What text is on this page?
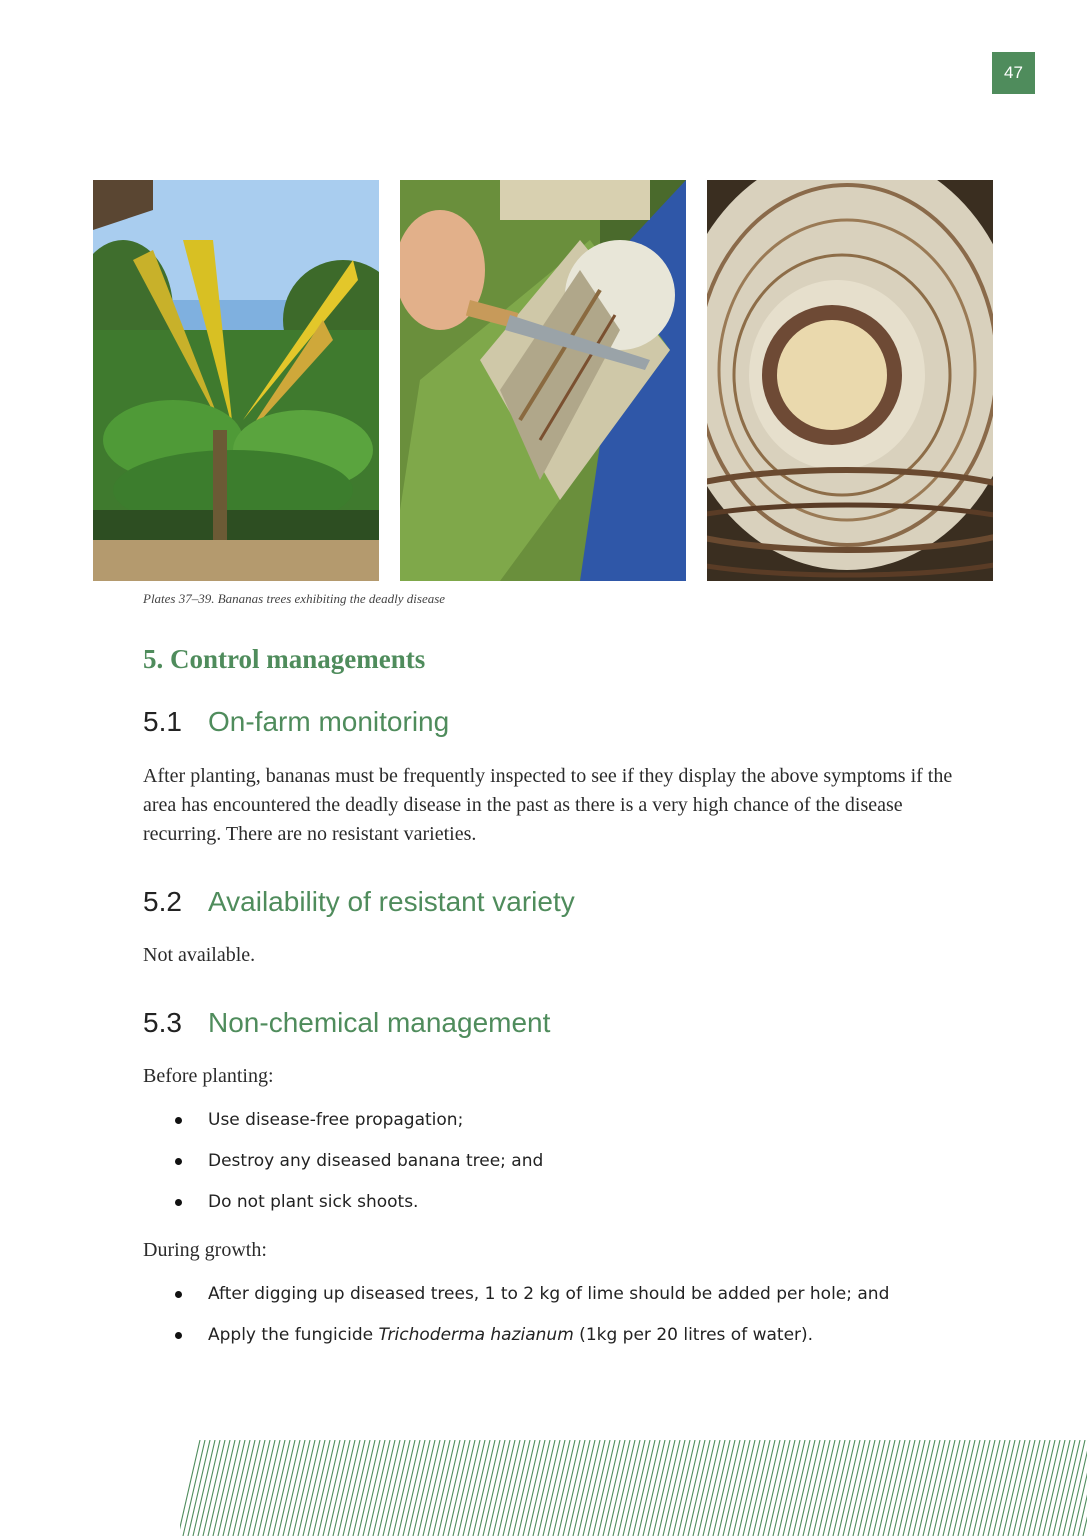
47
Plates 37–39. Bananas trees exhibiting the deadly disease
5. Control managements
5.1 On-farm monitoring
After planting, bananas must be frequently inspected to see if they display the above symptoms if the area has encountered the deadly disease in the past as there is a very high chance of the disease recurring. There are no resistant varieties.
5.2 Availability of resistant variety
Not available.
5.3 Non-chemical management
Before planting:
Use disease-free propagation;
Destroy any diseased banana tree; and
Do not plant sick shoots.
During growth:
After digging up diseased trees, 1 to 2 kg of lime should be added per hole; and
Apply the fungicide Trichoderma hazianum (1kg per 20 litres of water).
